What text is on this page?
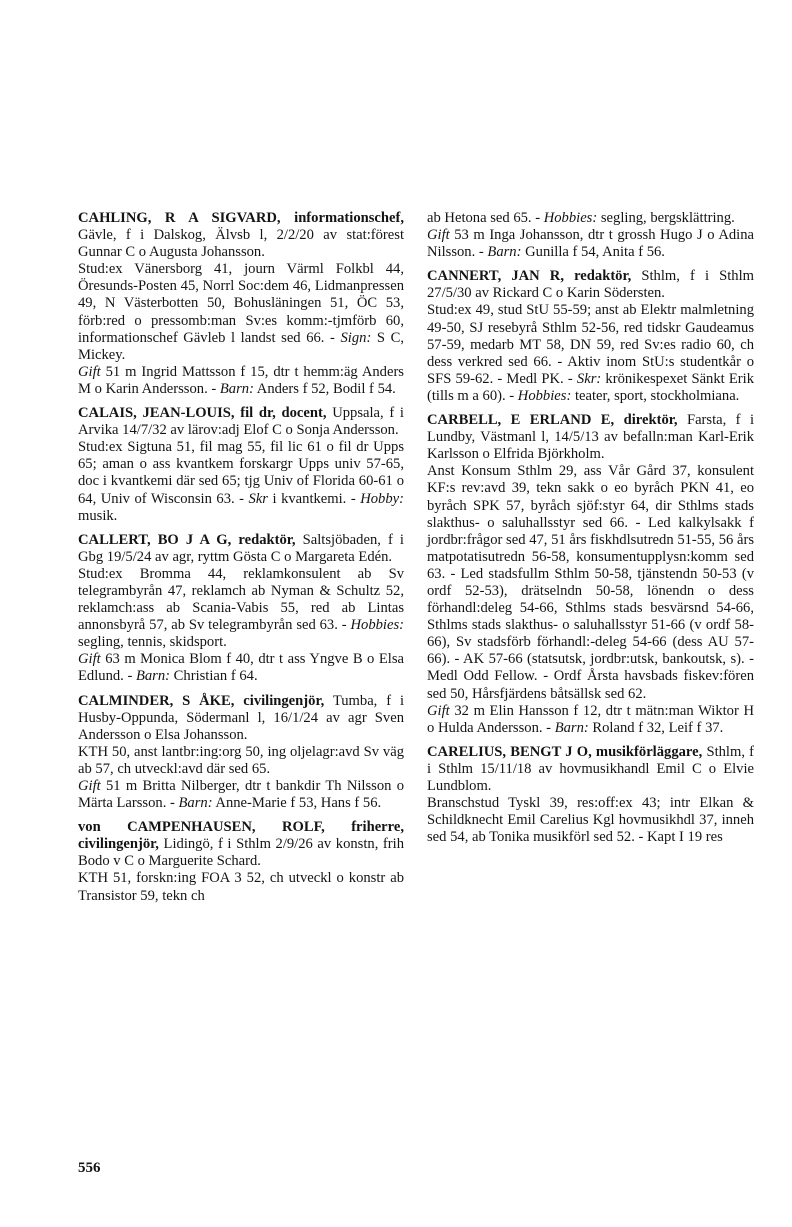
CAHLING, R A SIGVARD, informationschef, Gävle, f i Dalskog, Älvsb l, 2/2/20 av stat:förest Gunnar C o Augusta Johansson.

Stud:ex Vänersborg 41, journ Värml Folkbl 44, Öresunds-Posten 45, Norrl Soc:dem 46, Lidmanpressen 49, N Västerbotten 50, Bohusläningen 51, ÖC 53, förb:red o pressomb:man Sv:es komm:-tjmförb 60, informationschef Gävleb l landst sed 66. - Sign: S C, Mickey.

Gift 51 m Ingrid Mattsson f 15, dtr t hemm:äg Anders M o Karin Andersson. - Barn: Anders f 52, Bodil f 54.

CALAIS, JEAN-LOUIS, fil dr, docent, Uppsala, f i Arvika 14/7/32 av lärov:adj Elof C o Sonja Andersson.

Stud:ex Sigtuna 51, fil mag 55, fil lic 61 o fil dr Upps 65; aman o ass kvantkem forskargr Upps univ 57-65, doc i kvantkemi där sed 65; tjg Univ of Florida 60-61 o 64, Univ of Wisconsin 63. - Skr i kvantkemi. - Hobby: musik.

CALLERT, BO J A G, redaktör, Saltsjöbaden, f i Gbg 19/5/24 av agr, ryttm Gösta C o Margareta Edén.

Stud:ex Bromma 44, reklamkonsulent ab Sv telegrambyrån 47, reklamch ab Nyman & Schultz 52, reklamch:ass ab Scania-Vabis 55, red ab Lintas annonsbyrå 57, ab Sv telegrambyrån sed 63. - Hobbies: segling, tennis, skidsport.

Gift 63 m Monica Blom f 40, dtr t ass Yngve B o Elsa Edlund. - Barn: Christian f 64.

CALMINDER, S ÅKE, civilingenjör, Tumba, f i Husby-Oppunda, Södermanl l, 16/1/24 av agr Sven Andersson o Elsa Johansson.

KTH 50, anst lantbr:ing:org 50, ing oljelagr:avd Sv väg ab 57, ch utveckl:avd där sed 65.

Gift 51 m Britta Nilberger, dtr t bankdir Th Nilsson o Märta Larsson. - Barn: Anne-Marie f 53, Hans f 56.

von CAMPENHAUSEN, ROLF, friherre, civilingenjör, Lidingö, f i Sthlm 2/9/26 av konstn, frih Bodo v C o Marguerite Schard.

KTH 51, forskn:ing FOA 3 52, ch utveckl o konstr ab Transistor 59, tekn ch

ab Hetona sed 65. - Hobbies: segling, bergsklättring.

Gift 53 m Inga Johansson, dtr t grossh Hugo J o Adina Nilsson. - Barn: Gunilla f 54, Anita f 56.

CANNERT, JAN R, redaktör, Sthlm, f i Sthlm 27/5/30 av Rickard C o Karin Södersten.

Stud:ex 49, stud StU 55-59; anst ab Elektr malmletning 49-50, SJ resebyrå Sthlm 52-56, red tidskr Gaudeamus 57-59, medarb MT 58, DN 59, red Sv:es radio 60, ch dess verkred sed 66. - Aktiv inom StU:s studentkår o SFS 59-62. - Medl PK. - Skr: krönikespexet Sänkt Erik (tills m a 60). - Hobbies: teater, sport, stockholmiana.

CARBELL, E ERLAND E, direktör, Farsta, f i Lundby, Västmanl l, 14/5/13 av befalln:man Karl-Erik Karlsson o Elfrida Björkholm.

Anst Konsum Sthlm 29, ass Vår Gård 37, konsulent KF:s rev:avd 39, tekn sakk o eo byråch PKN 41, eo byråch SPK 57, byråch sjöf:styr 64, dir Sthlms stads slakthus- o saluhallsstyr sed 66. - Led kalkylsakk f jordbr:frågor sed 47, 51 års fiskhdlsutredn 51-55, 56 års matpotatisutredn 56-58, konsumentupplysn:komm sed 63. - Led stadsfullm Sthlm 50-58, tjänstendn 50-53 (v ordf 52-53), drätselndn 50-58, lönendn o dess förhandl:deleg 54-66, Sthlms stads besvärsnd 54-66, Sthlms stads slakthus- o saluhallsstyr 51-66 (v ordf 58-66), Sv stadsförb förhandl:-deleg 54-66 (dess AU 57-66). - AK 57-66 (statsutsk, jordbr:utsk, bankoutsk, s). - Medl Odd Fellow. - Ordf Årsta havsbads fiskev:fören sed 50, Hårsfjärdens båtsällsk sed 62.

Gift 32 m Elin Hansson f 12, dtr t mätn:man Wiktor H o Hulda Andersson. - Barn: Roland f 32, Leif f 37.

CARELIUS, BENGT J O, musikförläggare, Sthlm, f i Sthlm 15/11/18 av hovmusikhandl Emil C o Elvie Lundblom.

Branschstud Tyskl 39, res:off:ex 43; intr Elkan & Schildknecht Emil Carelius Kgl hovmusikhdl 37, inneh sed 54, ab Tonika musikförl sed 52. - Kapt I 19 res

556
